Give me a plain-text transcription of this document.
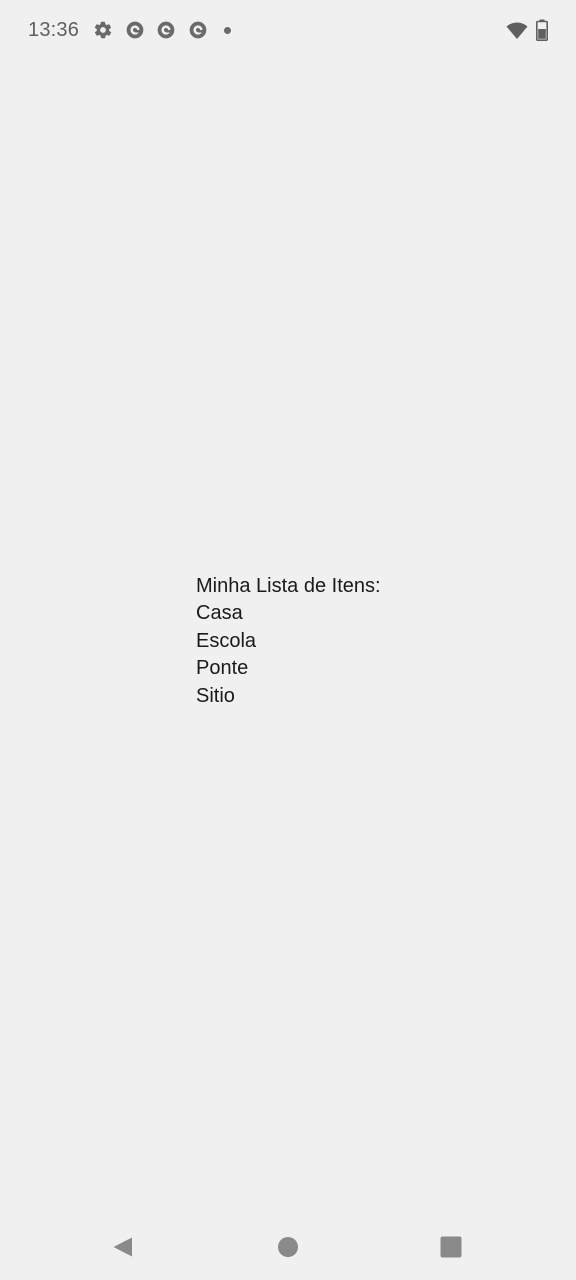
13:36
Minha Lista de Itens:
Casa
Escola
Ponte
Sitio
